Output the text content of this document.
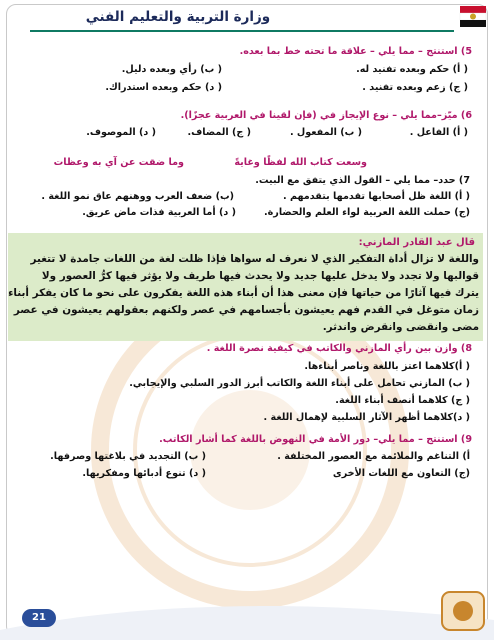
وزارة التربية والتعليم الفني
5) استنتج – مما يلي – علاقة ما تحته خط بما بعده.
( أ) حكم وبعده تفنيد له.
( ب) رأي وبعده دليل.
( ج) زعم وبعده تفنيد .
( د) حكم وبعده استدراك.
6) ميّز–مما يلي – نوع الإيجاز في (فإن لقينا في العربية عجزًا).
( أ) الفاعل .
( ب) المفعول .
( ج) المضاف.
( د) الموصوف.
وسعت كتاب الله لفظًا وغايةً
وما ضقت عن آي به وعظات
7) حدد– مما يلي – القول الذي يتفق مع البيت.
( أ) اللغة ظل أصحابها تقدمها بتقدمهم .
(ب) ضعف العرب ووهنهم عاق نمو اللغة .
(ج) حملت اللغة العربية لواء العلم والحضارة.
( د) أما العربية فذات ماض عريق.
قال عبد القادر المازني:
واللغة لا تزال أداة التفكير الذي لا نعرف له سواها فإذا ظلت لغة من اللغات جامدة لا تتغير
قوالبها ولا تجدد ولا يدخل عليها جديد ولا يحدث فيها طريف ولا يؤثر فيها كرُّ العصور ولا
يترك فيها آثارًا من حياتها فإن معنى هذا أن أبناء هذه اللغة يفكرون على نحو ما كان يفكر أبناء
زمان متوغل في القدم فهم يعيشون بأجسامهم في عصر ولكنهم بعقولهم يعيشون في عصر
مضى وانقضى وانقرض واندثر.
8) وازن بين رأي المازني والكاتب في كيفية نصرة اللغة .
( أ)كلاهما اعتز باللغة وناصر أبناءها.
( ب) المازني تحامل على أبناء اللغة والكاتب أبرز الدور السلبي والإيجابي.
( ج) كلاهما أنصف أبناء اللغة.
( د)كلاهما أظهر الآثار السلبية لإهمال اللغة .
9) استنتج – مما يلي– دور الأمة في النهوض باللغة كما أشار الكاتب.
أ) التناغم والملائمة مع العصور المختلفة .
( ب) التجديد في بلاغتها وصرفها.
(ج) التعاون مع اللغات الأخرى
( د) تنوع أدبائها ومفكريها.
21
